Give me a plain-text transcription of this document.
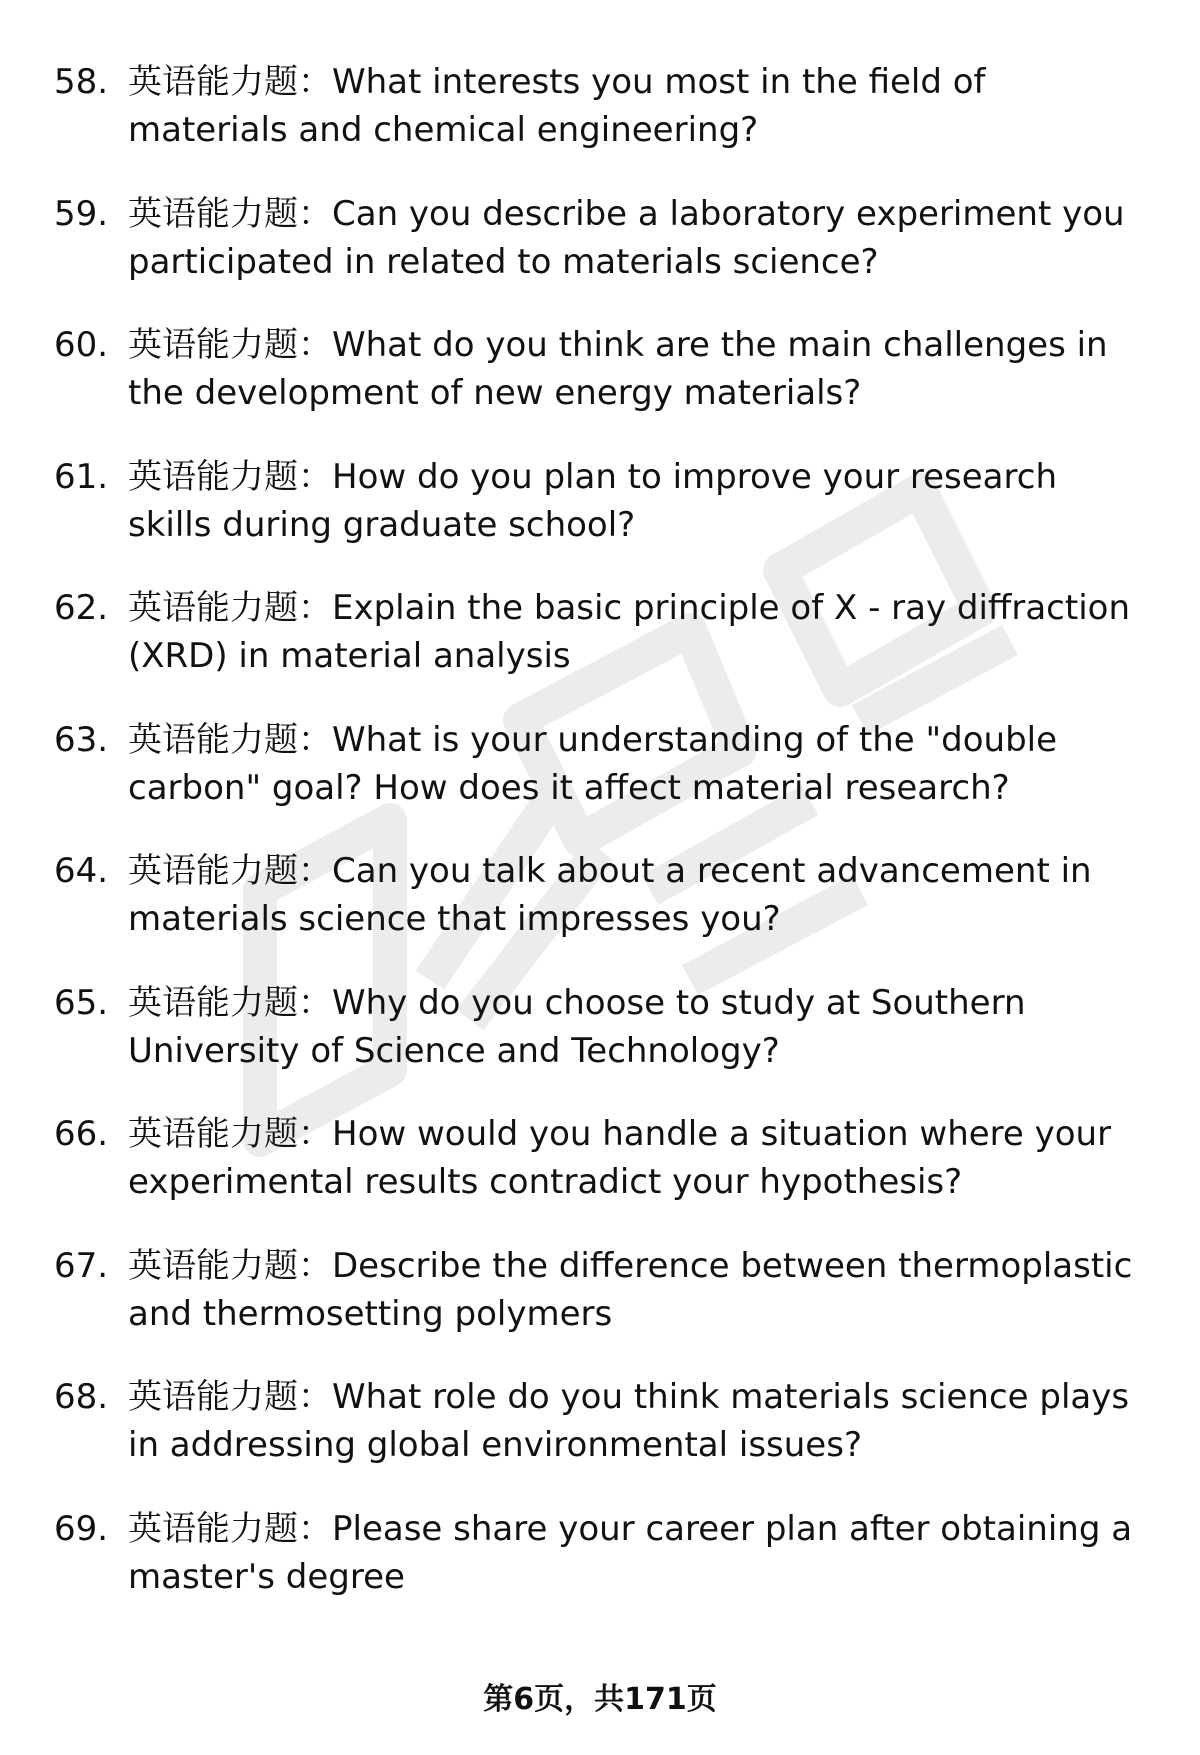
58. 英语能力题：What interests you most in the field of materials and chemical engineering?

59. 英语能力题：Can you describe a laboratory experiment you participated in related to materials science?

60. 英语能力题：What do you think are the main challenges in the development of new energy materials?

61. 英语能力题：How do you plan to improve your research skills during graduate school?

62. 英语能力题：Explain the basic principle of X - ray diffraction (XRD) in material analysis

63. 英语能力题：What is your understanding of the "double carbon" goal? How does it affect material research?

64. 英语能力题：Can you talk about a recent advancement in materials science that impresses you?

65. 英语能力题：Why do you choose to study at Southern University of Science and Technology?

66. 英语能力题：How would you handle a situation where your experimental results contradict your hypothesis?

67. 英语能力题：Describe the difference between thermoplastic and thermosetting polymers

68. 英语能力题：What role do you think materials science plays in addressing global environmental issues?

69. 英语能力题：Please share your career plan after obtaining a master's degree

第6页，共171页
